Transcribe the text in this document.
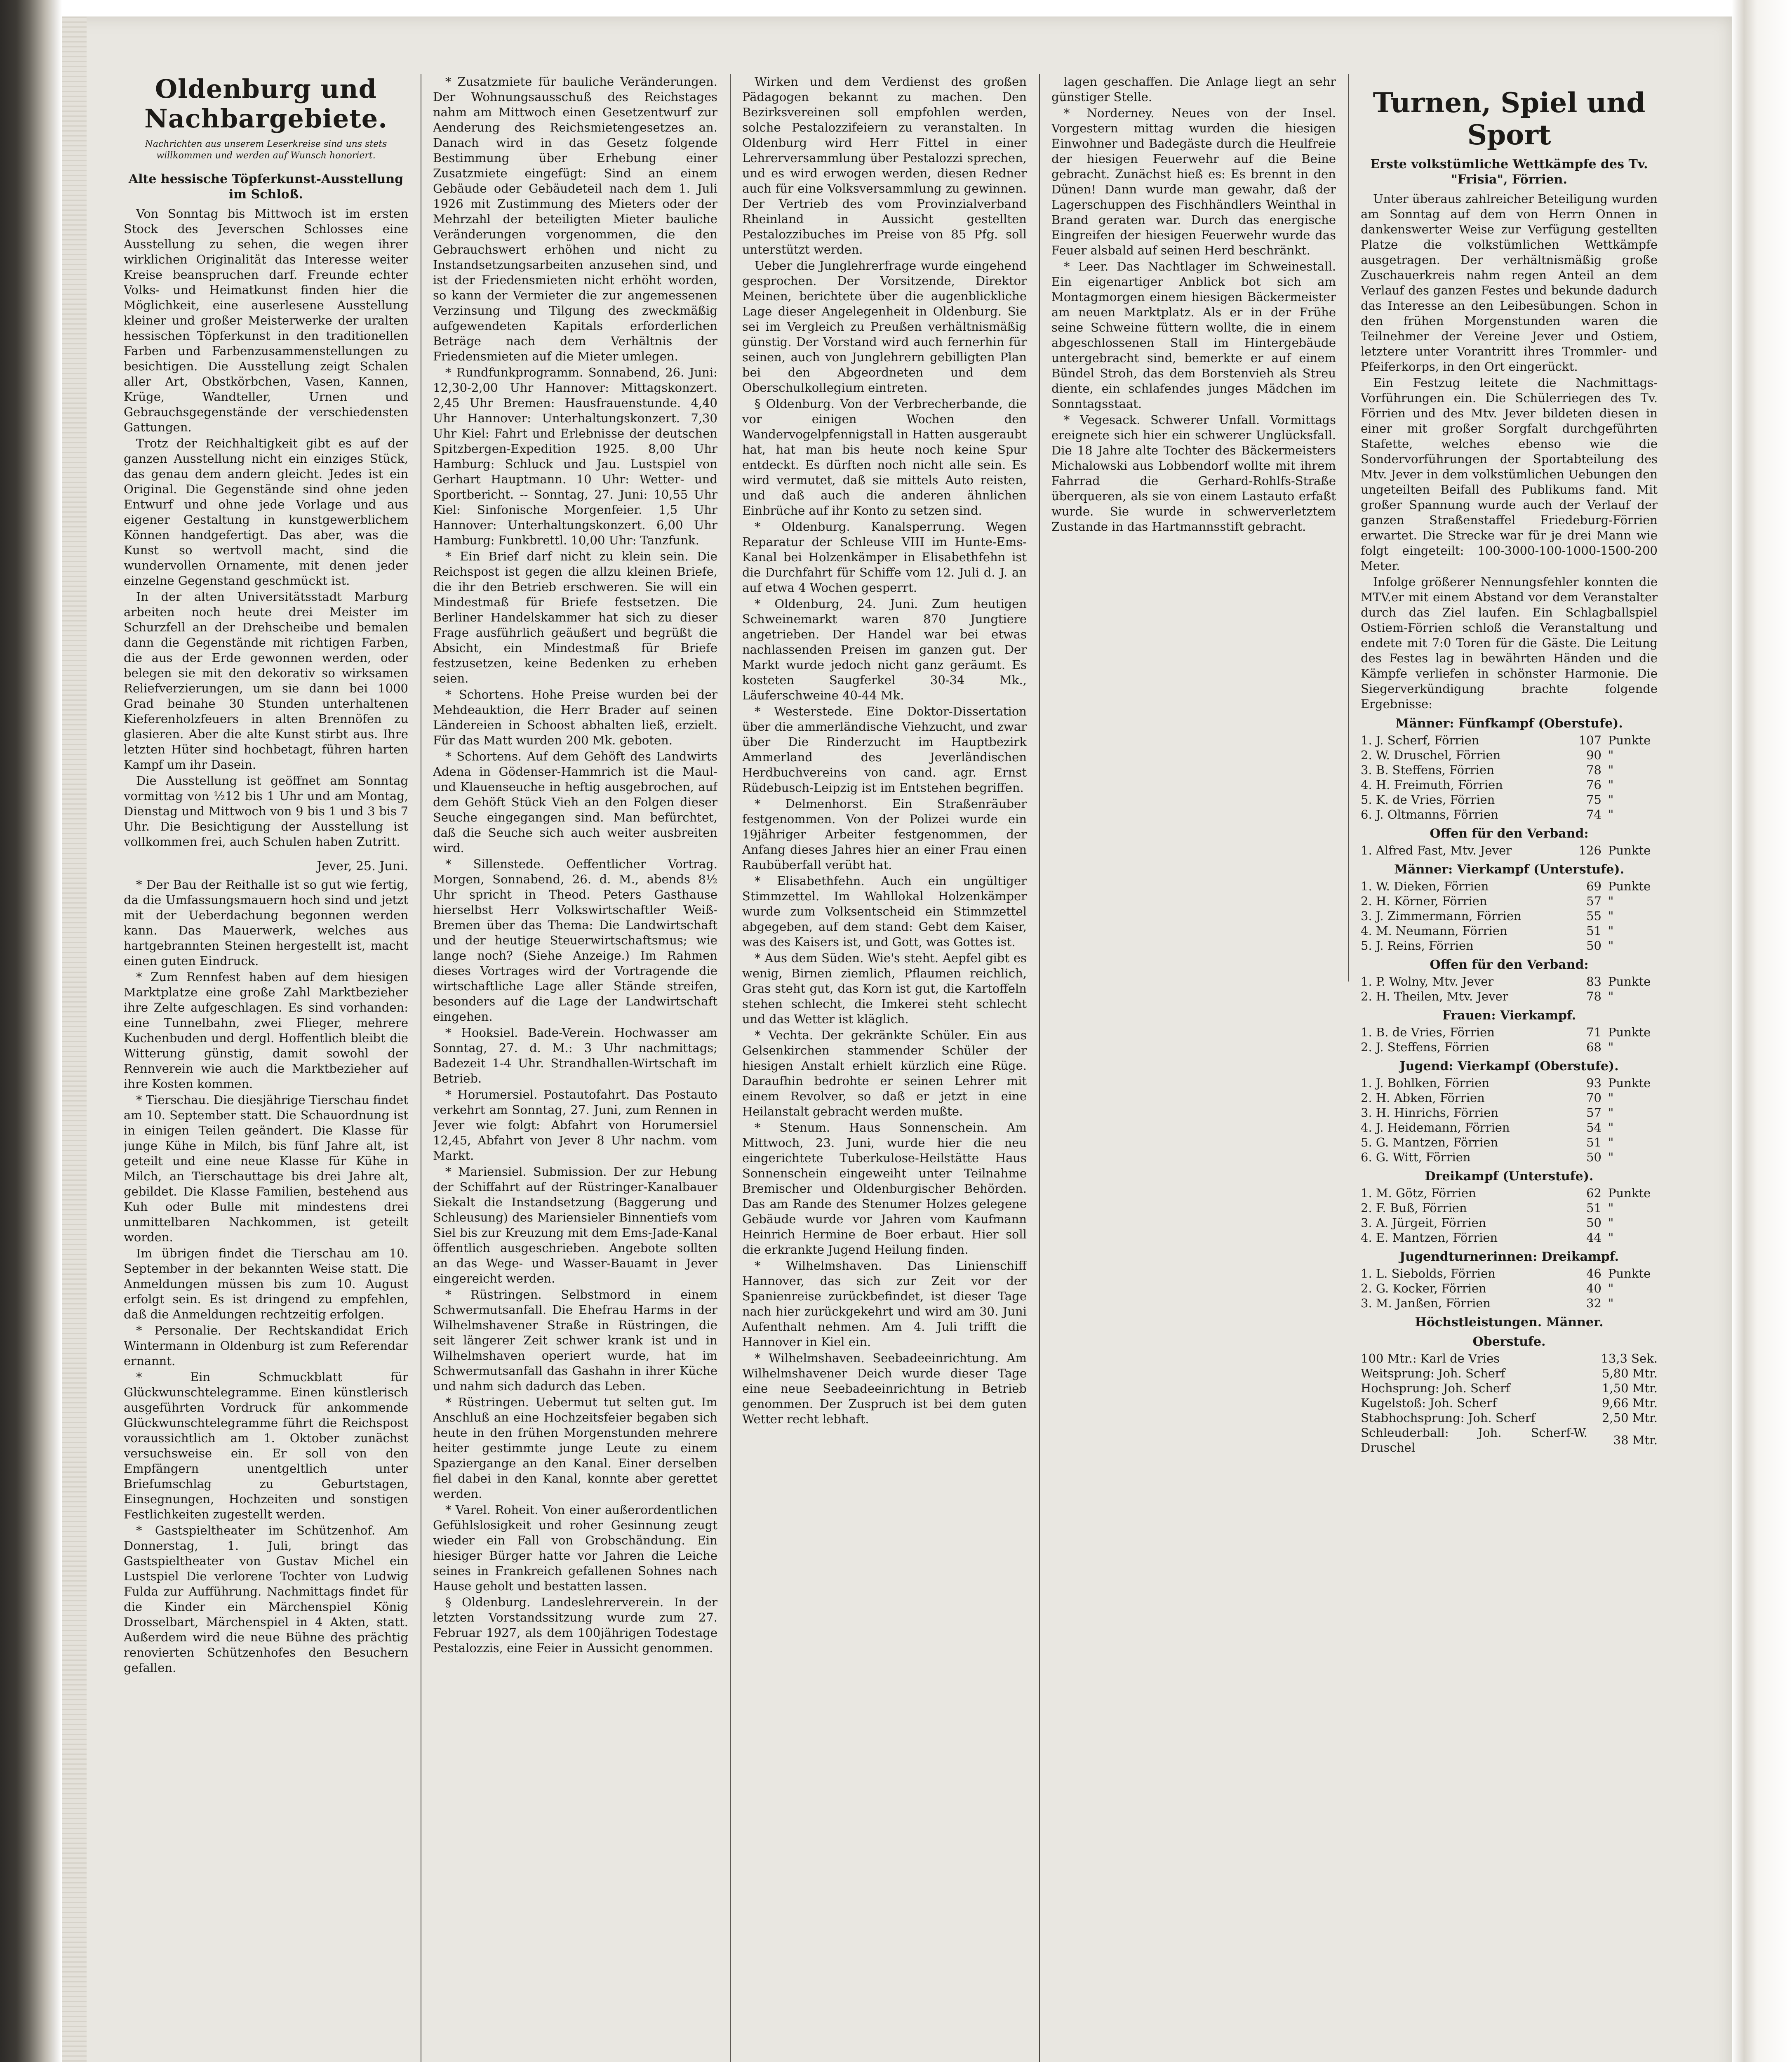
Oldenburg und Nachbargebiete.
Nachrichten aus unserem Leserkreise sind uns stets willkommen und werden auf Wunsch honoriert.
Alte hessische Töpferkunst-Ausstellung im Schloß.

Von Sonntag bis Mittwoch ist im ersten Stock des Jeverschen Schlosses eine Ausstellung zu sehen, die wegen ihrer wirklichen Originalität das Interesse weiter Kreise beanspruchen darf. Freunde echter Volks- und Heimatkunst finden hier die Möglichkeit, eine auserlesene Ausstellung kleiner und großer Meisterwerke der uralten hessischen Töpferkunst in den traditionellen Farben und Farbenzusammenstellungen zu besichtigen. Die Ausstellung zeigt Schalen aller Art, Obstkörbchen, Vasen, Kannen, Krüge, Wandteller, Urnen und Gebrauchsgegenstände der verschiedensten Gattungen.

Trotz der Reichhaltigkeit gibt es auf der ganzen Ausstellung nicht ein einziges Stück, das genau dem andern gleicht. Jedes ist ein Original. Die Gegenstände sind ohne jeden Entwurf und ohne jede Vorlage und aus eigener Gestaltung in kunstgewerblichem Können handgefertigt. Das aber, was die Kunst so wertvoll macht, sind die wundervollen Ornamente, mit denen jeder einzelne Gegenstand geschmückt ist.

In der alten Universitätsstadt Marburg arbeiten noch heute drei Meister im Schurzfell an der Drehscheibe und bemalen dann die Gegenstände mit richtigen Farben, die aus der Erde gewonnen werden, oder belegen sie mit den dekorativ so wirksamen Reliefverzierungen, um sie dann bei 1000 Grad beinahe 30 Stunden unterhaltenen Kieferenholzfeuers in alten Brennöfen zu glasieren. Aber die alte Kunst stirbt aus. Ihre letzten Hüter sind hochbetagt, führen harten Kampf um ihr Dasein.

Die Ausstellung ist geöffnet am Sonntag vormittag von ½12 bis 1 Uhr und am Montag, Dienstag und Mittwoch von 9 bis 1 und 3 bis 7 Uhr. Die Besichtigung der Ausstellung ist vollkommen frei, auch Schulen haben Zutritt.

Jever, 25. Juni.

* Der Bau der Reithalle ist so gut wie fertig, da die Umfassungsmauern hoch sind und jetzt mit der Ueberdachung begonnen werden kann. Das Mauerwerk, welches aus hartgebrannten Steinen hergestellt ist, macht einen guten Eindruck.

* Zum Rennfest haben auf dem hiesigen Marktplatze eine große Zahl Marktbezieher ihre Zelte aufgeschlagen. Es sind vorhanden: eine Tunnelbahn, zwei Flieger, mehrere Kuchenbuden und dergl. Hoffentlich bleibt die Witterung günstig, damit sowohl der Rennverein wie auch die Marktbezieher auf ihre Kosten kommen.

* Tierschau. Die diesjährige Tierschau findet am 10. September statt. Die Schauordnung ist in einigen Teilen geändert. Die Klasse für junge Kühe in Milch, bis fünf Jahre alt, ist geteilt und eine neue Klasse für Kühe in Milch, an Tierschauttage bis drei Jahre alt, gebildet. Die Klasse Familien, bestehend aus Kuh oder Bulle mit mindestens drei unmittelbaren Nachkommen, ist geteilt worden.

Im übrigen findet die Tierschau am 10. September in der bekannten Weise statt. Die Anmeldungen müssen bis zum 10. August erfolgt sein. Es ist dringend zu empfehlen, daß die Anmeldungen rechtzeitig erfolgen.

* Personalie. Der Rechtskandidat Erich Wintermann in Oldenburg ist zum Referendar ernannt.

* Ein Schmuckblatt für Glückwunschtelegramme. Einen künstlerisch ausgeführten Vordruck für ankommende Glückwunschtelegramme führt die Reichspost voraussichtlich am 1. Oktober zunächst versuchsweise ein. Er soll von den Empfängern unentgeltlich unter Briefumschlag zu Geburtstagen, Einsegnungen, Hochzeiten und sonstigen Festlichkeiten zugestellt werden.

* Gastspieltheater im Schützenhof. Am Donnerstag, 1. Juli, bringt das Gastspieltheater von Gustav Michel ein Lustspiel Die verlorene Tochter von Ludwig Fulda zur Aufführung. Nachmittags findet für die Kinder ein Märchenspiel König Drosselbart, Märchenspiel in 4 Akten, statt. Außerdem wird die neue Bühne des prächtig renovierten Schützenhofes den Besuchern gefallen.

* Zusatzmiete für bauliche Veränderungen. Der Wohnungsausschuß des Reichstages nahm am Mittwoch einen Gesetzentwurf zur Aenderung des Reichsmietengesetzes an. Danach wird in das Gesetz folgende Bestimmung über Erhebung einer Zusatzmiete eingefügt: Sind an einem Gebäude oder Gebäudeteil nach dem 1. Juli 1926 mit Zustimmung des Mieters oder der Mehrzahl der beteiligten Mieter bauliche Veränderungen vorgenommen, die den Gebrauchswert erhöhen und nicht zu Instandsetzungsarbeiten anzusehen sind, und ist der Friedensmieten nicht erhöht worden, so kann der Vermieter die zur angemessenen Verzinsung und Tilgung des zweckmäßig aufgewendeten Kapitals erforderlichen Beträge nach dem Verhältnis der Friedensmieten auf die Mieter umlegen.

* Rundfunkprogramm. Sonnabend, 26. Juni: 12,30-2,00 Uhr Hannover: Mittagskonzert. 2,45 Uhr Bremen: Hausfrauenstunde. 4,40 Uhr Hannover: Unterhaltungskonzert. 7,30 Uhr Kiel: Fahrt und Erlebnisse der deutschen Spitzbergen-Expedition 1925. 8,00 Uhr Hamburg: Schluck und Jau. Lustspiel von Gerhart Hauptmann. 10 Uhr: Wetter- und Sportbericht. -- Sonntag, 27. Juni: 10,55 Uhr Kiel: Sinfonische Morgenfeier. 1,5 Uhr Hannover: Unterhaltungskonzert. 6,00 Uhr Hamburg: Funkbrettl. 10,00 Uhr: Tanzfunk.

* Ein Brief darf nicht zu klein sein. Die Reichspost ist gegen die allzu kleinen Briefe, die ihr den Betrieb erschweren. Sie will ein Mindestmaß für Briefe festsetzen. Die Berliner Handelskammer hat sich zu dieser Frage ausführlich geäußert und begrüßt die Absicht, ein Mindestmaß für Briefe festzusetzen, keine Bedenken zu erheben seien.

* Schortens. Hohe Preise wurden bei der Mehdeauktion, die Herr Brader auf seinen Ländereien in Schoost abhalten ließ, erzielt. Für das Matt wurden 200 Mk. geboten.

* Schortens. Auf dem Gehöft des Landwirts Adena in Gödenser-Hammrich ist die Maul- und Klauenseuche in heftig ausgebrochen, auf dem Gehöft Stück Vieh an den Folgen dieser Seuche eingegangen sind. Man befürchtet, daß die Seuche sich auch weiter ausbreiten wird.

* Sillenstede. Oeffentlicher Vortrag. Morgen, Sonnabend, 26. d. M., abends 8½ Uhr spricht in Theod. Peters Gasthause hierselbst Herr Volkswirtschaftler Weiß-Bremen über das Thema: Die Landwirtschaft und der heutige Steuerwirtschaftsmus; wie lange noch? (Siehe Anzeige.) Im Rahmen dieses Vortrages wird der Vortragende die wirtschaftliche Lage aller Stände streifen, besonders auf die Lage der Landwirtschaft eingehen.

* Hooksiel. Bade-Verein. Hochwasser am Sonntag, 27. d. M.: 3 Uhr nachmittags; Badezeit 1-4 Uhr. Strandhallen-Wirtschaft im Betrieb.

* Horumersiel. Postautofahrt. Das Postauto verkehrt am Sonntag, 27. Juni, zum Rennen in Jever wie folgt: Abfahrt von Horumersiel 12,45, Abfahrt von Jever 8 Uhr nachm. vom Markt.

* Mariensiel. Submission. Der zur Hebung der Schiffahrt auf der Rüstringer-Kanalbauer Siekalt die Instandsetzung (Baggerung und Schleusung) des Mariensieler Binnentiefs vom Siel bis zur Kreuzung mit dem Ems-Jade-Kanal öffentlich ausgeschrieben. Angebote sollten an das Wege- und Wasser-Bauamt in Jever eingereicht werden.

* Rüstringen. Selbstmord in einem Schwermutsanfall. Die Ehefrau Harms in der Wilhelmshavener Straße in Rüstringen, die seit längerer Zeit schwer krank ist und in Wilhelmshaven operiert wurde, hat im Schwermutsanfall das Gashahn in ihrer Küche und nahm sich dadurch das Leben.

* Rüstringen. Uebermut tut selten gut. Im Anschluß an eine Hochzeitsfeier begaben sich heute in den frühen Morgenstunden mehrere heiter gestimmte junge Leute zu einem Spaziergange an den Kanal. Einer derselben fiel dabei in den Kanal, konnte aber gerettet werden.

* Varel. Roheit. Von einer außerordentlichen Gefühlslosigkeit und roher Gesinnung zeugt wieder ein Fall von Grobschändung. Ein hiesiger Bürger hatte vor Jahren die Leiche seines in Frankreich gefallenen Sohnes nach Hause geholt und bestatten lassen.

§ Oldenburg. Landeslehrerverein. In der letzten Vorstandssitzung wurde zum 27. Februar 1927, als dem 100jährigen Todestage Pestalozzis, eine Feier in Aussicht genommen.

Wirken und dem Verdienst des großen Pädagogen bekannt zu machen. Den Bezirksvereinen soll empfohlen werden, solche Pestalozzifeiern zu veranstalten. In Oldenburg wird Herr Fittel in einer Lehrerversammlung über Pestalozzi sprechen, und es wird erwogen werden, diesen Redner auch für eine Volksversammlung zu gewinnen. Der Vertrieb des vom Provinzialverband Rheinland in Aussicht gestellten Pestalozzibuches im Preise von 85 Pfg. soll unterstützt werden.

Ueber die Junglehrerfrage wurde eingehend gesprochen. Der Vorsitzende, Direktor Meinen, berichtete über die augenblickliche Lage dieser Angelegenheit in Oldenburg. Sie sei im Vergleich zu Preußen verhältnismäßig günstig. Der Vorstand wird auch fernerhin für seinen, auch von Junglehrern gebilligten Plan bei den Abgeordneten und dem Oberschulkollegium eintreten.

§ Oldenburg. Von der Verbrecherbande, die vor einigen Wochen den Wandervogelpfennigstall in Hatten ausgeraubt hat, hat man bis heute noch keine Spur entdeckt. Es dürften noch nicht alle sein. Es wird vermutet, daß sie mittels Auto reisten, und daß auch die anderen ähnlichen Einbrüche auf ihr Konto zu setzen sind.

* Oldenburg. Kanalsperrung. Wegen Reparatur der Schleuse VIII im Hunte-Ems-Kanal bei Holzenkämper in Elisabethfehn ist die Durchfahrt für Schiffe vom 12. Juli d. J. an auf etwa 4 Wochen gesperrt.

* Oldenburg, 24. Juni. Zum heutigen Schweinemarkt waren 870 Jungtiere angetrieben. Der Handel war bei etwas nachlassenden Preisen im ganzen gut. Der Markt wurde jedoch nicht ganz geräumt. Es kosteten Saugferkel 30-34 Mk., Läuferschweine 40-44 Mk.

* Westerstede. Eine Doktor-Dissertation über die ammerländische Viehzucht, und zwar über Die Rinderzucht im Hauptbezirk Ammerland des Jeverländischen Herdbuchvereins von cand. agr. Ernst Rüdebusch-Leipzig ist im Entstehen begriffen.

* Delmenhorst. Ein Straßenräuber festgenommen. Von der Polizei wurde ein 19jähriger Arbeiter festgenommen, der Anfang dieses Jahres hier an einer Frau einen Raubüberfall verübt hat.

* Elisabethfehn. Auch ein ungültiger Stimmzettel. Im Wahllokal Holzenkämper wurde zum Volksentscheid ein Stimmzettel abgegeben, auf dem stand: Gebt dem Kaiser, was des Kaisers ist, und Gott, was Gottes ist.

* Aus dem Süden. Wie's steht. Aepfel gibt es wenig, Birnen ziemlich, Pflaumen reichlich, Gras steht gut, das Korn ist gut, die Kartoffeln stehen schlecht, die Imkerei steht schlecht und das Wetter ist kläglich.

* Vechta. Der gekränkte Schüler. Ein aus Gelsenkirchen stammender Schüler der hiesigen Anstalt erhielt kürzlich eine Rüge. Daraufhin bedrohte er seinen Lehrer mit einem Revolver, so daß er jetzt in eine Heilanstalt gebracht werden mußte.

* Stenum. Haus Sonnenschein. Am Mittwoch, 23. Juni, wurde hier die neu eingerichtete Tuberkulose-Heilstätte Haus Sonnenschein eingeweiht unter Teilnahme Bremischer und Oldenburgischer Behörden. Das am Rande des Stenumer Holzes gelegene Gebäude wurde vor Jahren vom Kaufmann Heinrich Hermine de Boer erbaut. Hier soll die erkrankte Jugend Heilung finden.

* Wilhelmshaven. Das Linienschiff Hannover, das sich zur Zeit vor der Spanienreise zurückbefindet, ist dieser Tage nach hier zurückgekehrt und wird am 30. Juni Aufenthalt nehmen. Am 4. Juli trifft die Hannover in Kiel ein.

* Wilhelmshaven. Seebadeeinrichtung. Am Wilhelmshavener Deich wurde dieser Tage eine neue Seebadeeinrichtung in Betrieb genommen. Der Zuspruch ist bei dem guten Wetter recht lebhaft.

lagen geschaffen. Die Anlage liegt an sehr günstiger Stelle.

* Norderney. Neues von der Insel. Vorgestern mittag wurden die hiesigen Einwohner und Badegäste durch die Heulfreie der hiesigen Feuerwehr auf die Beine gebracht. Zunächst hieß es: Es brennt in den Dünen! Dann wurde man gewahr, daß der Lagerschuppen des Fischhändlers Weinthal in Brand geraten war. Durch das energische Eingreifen der hiesigen Feuerwehr wurde das Feuer alsbald auf seinen Herd beschränkt.

* Leer. Das Nachtlager im Schweinestall. Ein eigenartiger Anblick bot sich am Montagmorgen einem hiesigen Bäckermeister am neuen Marktplatz. Als er in der Frühe seine Schweine füttern wollte, die in einem abgeschlossenen Stall im Hintergebäude untergebracht sind, bemerkte er auf einem Bündel Stroh, das dem Borstenvieh als Streu diente, ein schlafendes junges Mädchen im Sonntagsstaat.

* Vegesack. Schwerer Unfall. Vormittags ereignete sich hier ein schwerer Unglücksfall. Die 18 Jahre alte Tochter des Bäckermeisters Michalowski aus Lobbendorf wollte mit ihrem Fahrrad die Gerhard-Rohlfs-Straße überqueren, als sie von einem Lastauto erfaßt wurde. Sie wurde in schwerverletztem Zustande in das Hartmannsstift gebracht.

Turnen, Spiel und Sport
Erste volkstümliche Wettkämpfe des Tv. "Frisia", Förrien.

Unter überaus zahlreicher Beteiligung wurden am Sonntag auf dem von Herrn Onnen in dankenswerter Weise zur Verfügung gestellten Platze die volkstümlichen Wettkämpfe ausgetragen. Der verhältnismäßig große Zuschauerkreis nahm regen Anteil an dem Verlauf des ganzen Festes und bekunde dadurch das Interesse an den Leibesübungen. Schon in den frühen Morgenstunden waren die Teilnehmer der Vereine Jever und Ostiem, letztere unter Vorantritt ihres Trommler- und Pfeiferkorps, in den Ort eingerückt.

Ein Festzug leitete die Nachmittags-Vorführungen ein. Die Schülerriegen des Tv. Förrien und des Mtv. Jever bildeten diesen in einer mit großer Sorgfalt durchgeführten Stafette, welches ebenso wie die Sondervorführungen der Sportabteilung des Mtv. Jever in dem volkstümlichen Uebungen den ungeteilten Beifall des Publikums fand. Mit großer Spannung wurde auch der Verlauf der ganzen Straßenstaffel Friedeburg-Förrien erwartet. Die Strecke war für je drei Mann wie folgt eingeteilt: 100-3000-100-1000-1500-200 Meter.

Infolge größerer Nennungsfehler konnten die MTV.er mit einem Abstand vor dem Veranstalter durch das Ziel laufen. Ein Schlagballspiel Ostiem-Förrien schloß die Veranstaltung und endete mit 7:0 Toren für die Gäste. Die Leitung des Festes lag in bewährten Händen und die Kämpfe verliefen in schönster Harmonie. Die Siegerverkündigung brachte folgende Ergebnisse:

Männer: Fünfkampf (Oberstufe).
1. J. Scherf, Förrien	107	Punkte
2. W. Druschel, Förrien	90	"
3. B. Steffens, Förrien	78	"
4. H. Freimuth, Förrien	76	"
5. K. de Vries, Förrien	75	"
6. J. Oltmanns, Förrien	74	"
Offen für den Verband:
1. Alfred Fast, Mtv. Jever	126	Punkte
Männer: Vierkampf (Unterstufe).
1. W. Dieken, Förrien	69	Punkte
2. H. Körner, Förrien	57	"
3. J. Zimmermann, Förrien	55	"
4. M. Neumann, Förrien	51	"
5. J. Reins, Förrien	50	"
Offen für den Verband:
1. P. Wolny, Mtv. Jever	83	Punkte
2. H. Theilen, Mtv. Jever	78	"
Frauen: Vierkampf.
1. B. de Vries, Förrien	71	Punkte
2. J. Steffens, Förrien	68	"
Jugend: Vierkampf (Oberstufe).
1. J. Bohlken, Förrien	93	Punkte
2. H. Abken, Förrien	70	"
3. H. Hinrichs, Förrien	57	"
4. J. Heidemann, Förrien	54	"
5. G. Mantzen, Förrien	51	"
6. G. Witt, Förrien	50	"
Dreikampf (Unterstufe).
1. M. Götz, Förrien	62	Punkte
2. F. Buß, Förrien	51	"
3. A. Jürgeit, Förrien	50	"
4. E. Mantzen, Förrien	44	"
Jugendturnerinnen: Dreikampf.
1. L. Siebolds, Förrien	46	Punkte
2. G. Kocker, Förrien	40	"
3. M. Janßen, Förrien	32	"
Höchstleistungen. Männer.
Oberstufe.
100 Mtr.: Karl de Vries	13,3 Sek.
Weitsprung: Joh. Scherf	5,80 Mtr.
Hochsprung: Joh. Scherf	1,50 Mtr.
Kugelstoß: Joh. Scherf	9,66 Mtr.
Stabhochsprung: Joh. Scherf	2,50 Mtr.
Schleuderball: Joh. Scherf-W. Druschel	38 Mtr.
